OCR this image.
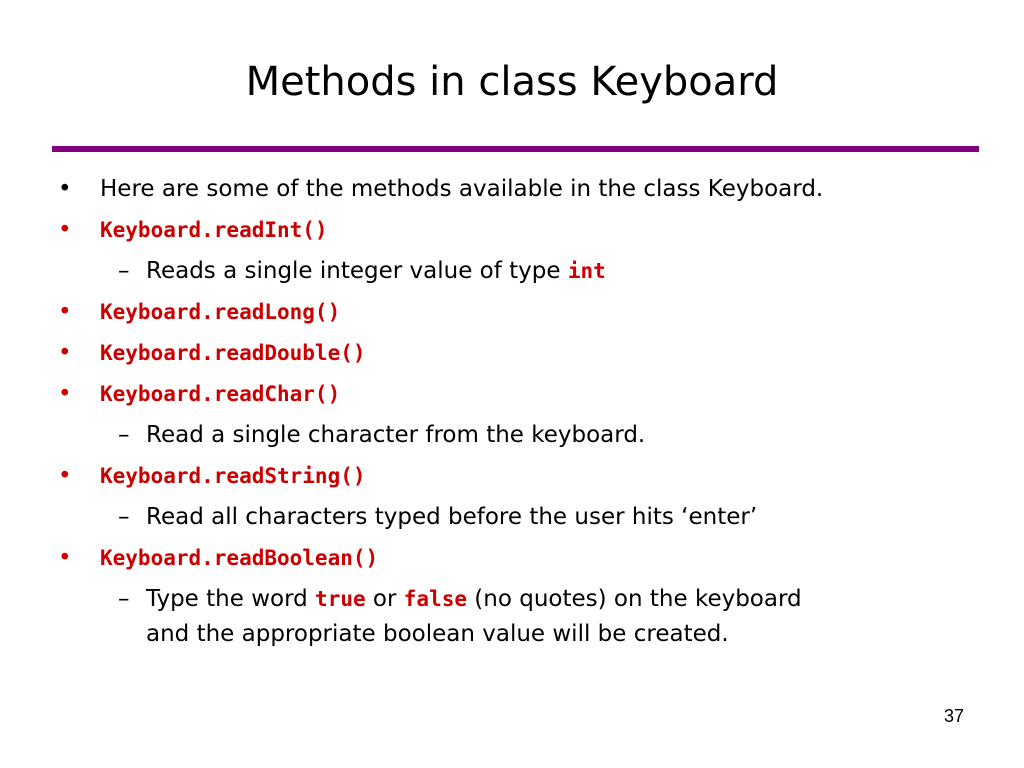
Methods in class Keyboard
• Here are some of the methods available in the class Keyboard.
• Keyboard.readInt()
– Reads a single integer value of type int
• Keyboard.readLong()
• Keyboard.readDouble()
• Keyboard.readChar()
– Read a single character from the keyboard.
• Keyboard.readString()
– Read all characters typed before the user hits ‘enter’
• Keyboard.readBoolean()
– Type the word true or false (no quotes) on the keyboard
and the appropriate boolean value will be created.
37
